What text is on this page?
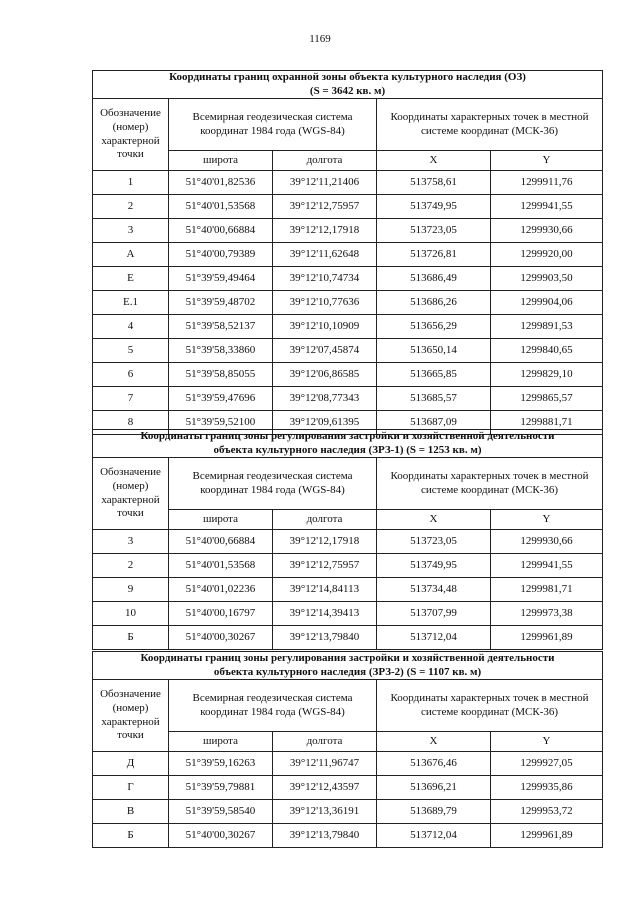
1169
Координаты границ охранной зоны объекта культурного наследия (ОЗ)
(S = 3642 кв. м)				
Обозначение (номер) характерной точки	Всемирная геодезическая система координат 1984 года (WGS-84)		Координаты характерных точек в местной системе координат (МСК-36)	
	широта	долгота	X	Y
1	51°40'01,82536	39°12'11,21406	513758,61	1299911,76
2	51°40'01,53568	39°12'12,75957	513749,95	1299941,55
3	51°40'00,66884	39°12'12,17918	513723,05	1299930,66
А	51°40'00,79389	39°12'11,62648	513726,81	1299920,00
Е	51°39'59,49464	39°12'10,74734	513686,49	1299903,50
Е.1	51°39'59,48702	39°12'10,77636	513686,26	1299904,06
4	51°39'58,52137	39°12'10,10909	513656,29	1299891,53
5	51°39'58,33860	39°12'07,45874	513650,14	1299840,65
6	51°39'58,85055	39°12'06,86585	513665,85	1299829,10
7	51°39'59,47696	39°12'08,77343	513685,57	1299865,57
8	51°39'59,52100	39°12'09,61395	513687,09	1299881,71
Координаты границ зоны регулирования застройки и хозяйственной деятельности
объекта культурного наследия (ЗРЗ-1) (S = 1253 кв. м)				
Обозначение (номер) характерной точки	Всемирная геодезическая система координат 1984 года (WGS-84)		Координаты характерных точек в местной системе координат (МСК-36)	
	широта	долгота	X	Y
3	51°40'00,66884	39°12'12,17918	513723,05	1299930,66
2	51°40'01,53568	39°12'12,75957	513749,95	1299941,55
9	51°40'01,02236	39°12'14,84113	513734,48	1299981,71
10	51°40'00,16797	39°12'14,39413	513707,99	1299973,38
Б	51°40'00,30267	39°12'13,79840	513712,04	1299961,89
Координаты границ зоны регулирования застройки и хозяйственной деятельности
объекта культурного наследия (ЗРЗ-2) (S = 1107 кв. м)				
Обозначение (номер) характерной точки	Всемирная геодезическая система координат 1984 года (WGS-84)		Координаты характерных точек в местной системе координат (МСК-36)	
	широта	долгота	X	Y
Д	51°39'59,16263	39°12'11,96747	513676,46	1299927,05
Г	51°39'59,79881	39°12'12,43597	513696,21	1299935,86
В	51°39'59,58540	39°12'13,36191	513689,79	1299953,72
Б	51°40'00,30267	39°12'13,79840	513712,04	1299961,89
